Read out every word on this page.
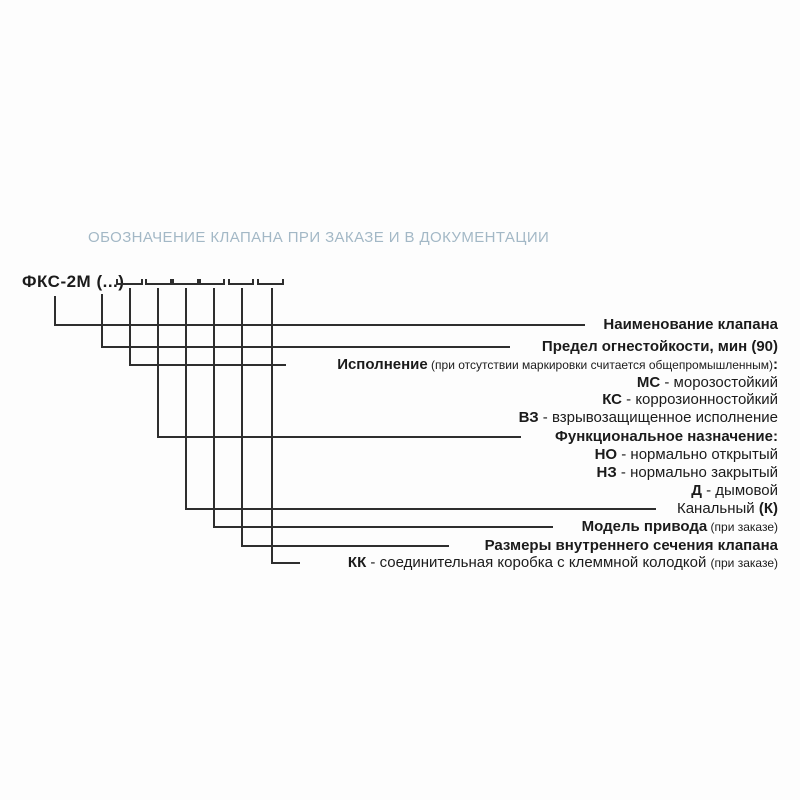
ОБОЗНАЧЕНИЕ КЛАПАНА ПРИ ЗАКАЗЕ И В ДОКУМЕНТАЦИИ
ФКС-2М (...)
Наименование клапана
Предел огнестойкости, мин (90)
Исполнение (при отсутствии маркировки считается общепромышленным):
МС - морозостойкий
КС - коррозионностойкий
ВЗ - взрывозащищенное исполнение
Функциональное назначение:
НО - нормально открытый
НЗ - нормально закрытый
Д - дымовой
Канальный (К)
Модель привода (при заказе)
Размеры внутреннего сечения клапана
КК - соединительная коробка с клеммной колодкой (при заказе)
